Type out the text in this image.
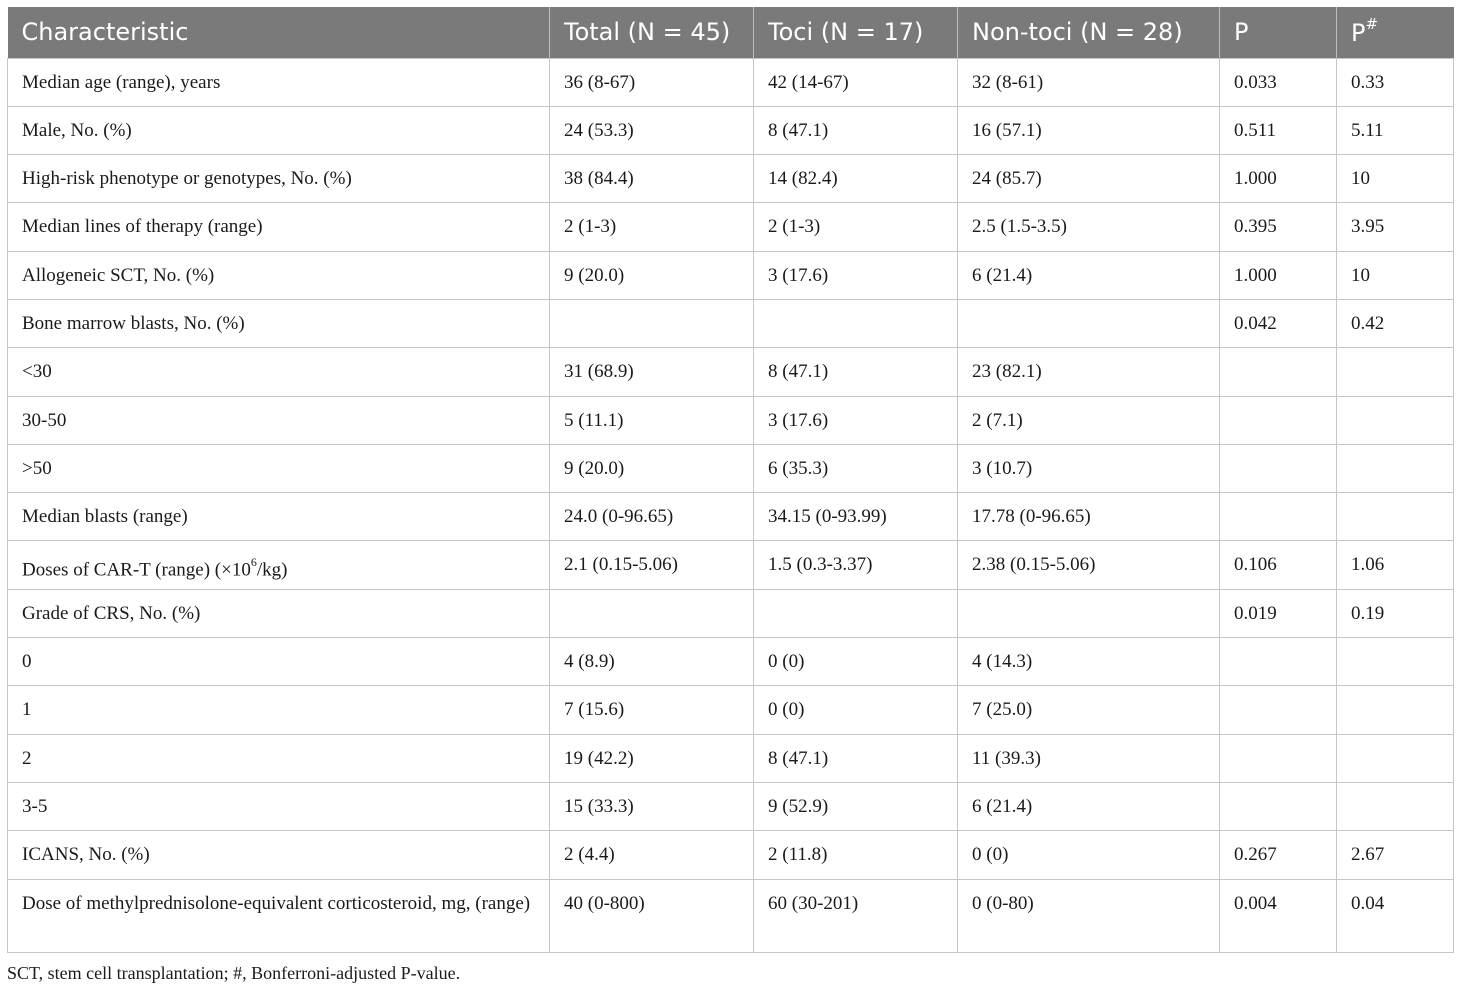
Characteristic	Total (N = 45)	Toci (N = 17)	Non-toci (N = 28)	P	P#
Median age (range), years	36 (8-67)	42 (14-67)	32 (8-61)	0.033	0.33
Male, No. (%)	24 (53.3)	8 (47.1)	16 (57.1)	0.511	5.11
High-risk phenotype or genotypes, No. (%)	38 (84.4)	14 (82.4)	24 (85.7)	1.000	10
Median lines of therapy (range)	2 (1-3)	2 (1-3)	2.5 (1.5-3.5)	0.395	3.95
Allogeneic SCT, No. (%)	9 (20.0)	3 (17.6)	6 (21.4)	1.000	10
Bone marrow blasts, No. (%)				0.042	0.42
<30	31 (68.9)	8 (47.1)	23 (82.1)		
30-50	5 (11.1)	3 (17.6)	2 (7.1)		
>50	9 (20.0)	6 (35.3)	3 (10.7)		
Median blasts (range)	24.0 (0-96.65)	34.15 (0-93.99)	17.78 (0-96.65)		
Doses of CAR-T (range) $(\times 10^6/kg)$	2.1 (0.15-5.06)	1.5 (0.3-3.37)	2.38 (0.15-5.06)	0.106	1.06
Grade of CRS, No. (%)				0.019	0.19
0	4 (8.9)	0 (0)	4 (14.3)		
1	7 (15.6)	0 (0)	7 (25.0)		
2	19 (42.2)	8 (47.1)	11 (39.3)		
3-5	15 (33.3)	9 (52.9)	6 (21.4)		
ICANS, No. (%)	2 (4.4)	2 (11.8)	0 (0)	0.267	2.67
Dose of methylprednisolone-equivalent corticosteroid, mg, (range)	40 (0-800)	60 (30-201)	0 (0-80)	0.004	0.04
SCT, stem cell transplantation; #, Bonferroni-adjusted P-value.
